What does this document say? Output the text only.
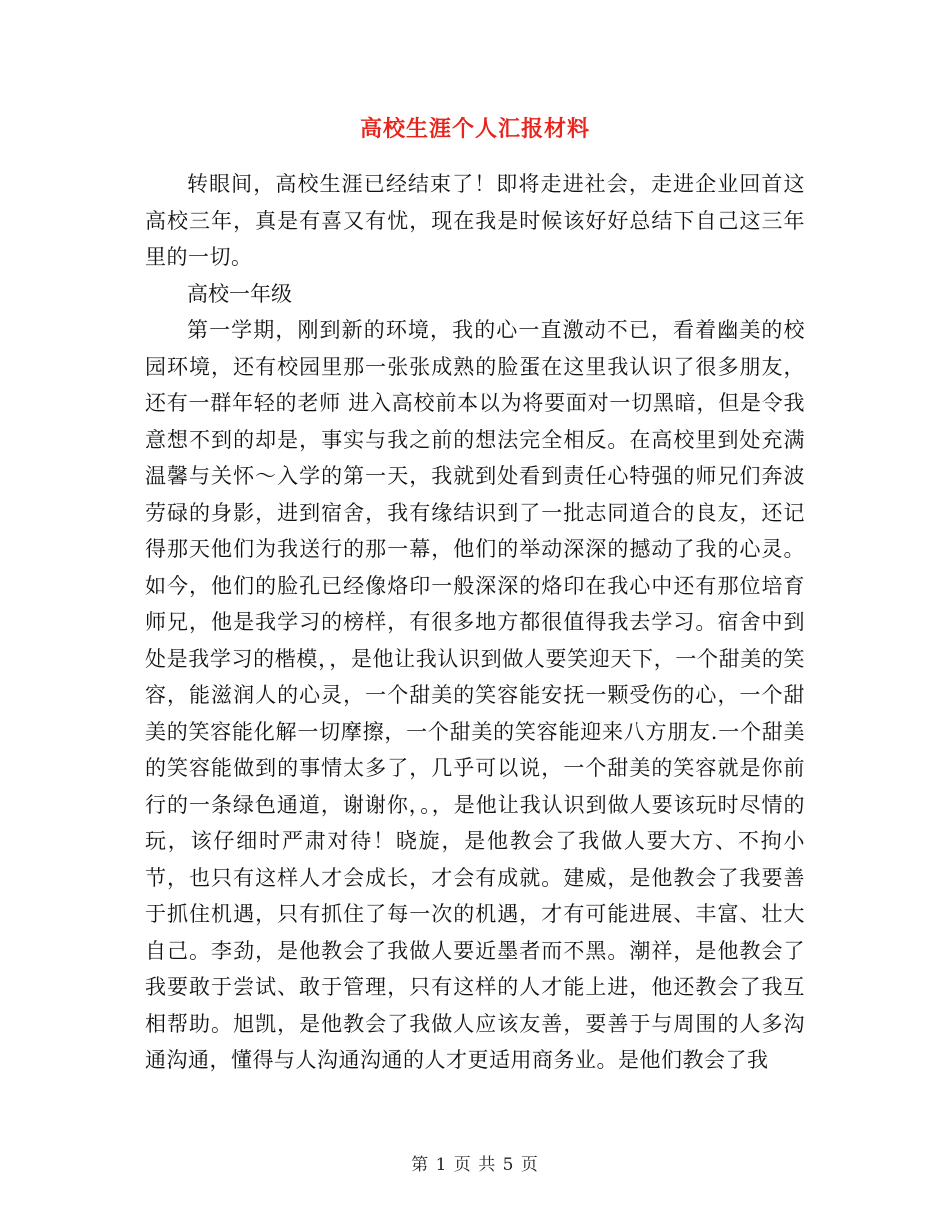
高校生涯个人汇报材料

转眼间，高校生涯已经结束了！即将走进社会，走进企业回首这高校三年，真是有喜又有忧，现在我是时候该好好总结下自己这三年里的一切。

高校一年级

第一学期，刚到新的环境，我的心一直激动不已，看着幽美的校园环境，还有校园里那一张张成熟的脸蛋在这里我认识了很多朋友，还有一群年轻的老师 进入高校前本以为将要面对一切黑暗，但是令我意想不到的却是，事实与我之前的想法完全相反。在高校里到处充满温馨与关怀～入学的第一天，我就到处看到责任心特强的师兄们奔波劳碌的身影，进到宿舍，我有缘结识到了一批志同道合的良友，还记得那天他们为我送行的那一幕，他们的举动深深的撼动了我的心灵。如今，他们的脸孔已经像烙印一般深深的烙印在我心中还有那位培育师兄，他是我学习的榜样，有很多地方都很值得我去学习。宿舍中到处是我学习的楷模，，是他让我认识到做人要笑迎天下，一个甜美的笑容，能滋润人的心灵，一个甜美的笑容能安抚一颗受伤的心，一个甜美的笑容能化解一切摩擦，一个甜美的笑容能迎来八方朋友.一个甜美的笑容能做到的事情太多了，几乎可以说，一个甜美的笑容就是你前行的一条绿色通道，谢谢你，。，是他让我认识到做人要该玩时尽情的玩，该仔细时严肃对待！晓旋，是他教会了我做人要大方、不拘小节，也只有这样人才会成长，才会有成就。建威，是他教会了我要善于抓住机遇，只有抓住了每一次的机遇，才有可能进展、丰富、壮大自己。李劲，是他教会了我做人要近墨者而不黑。潮祥，是他教会了我要敢于尝试、敢于管理，只有这样的人才能上进，他还教会了我互相帮助。旭凯，是他教会了我做人应该友善，要善于与周围的人多沟通沟通，懂得与人沟通沟通的人才更适用商务业。是他们教会了我

第 1 页 共 5 页
